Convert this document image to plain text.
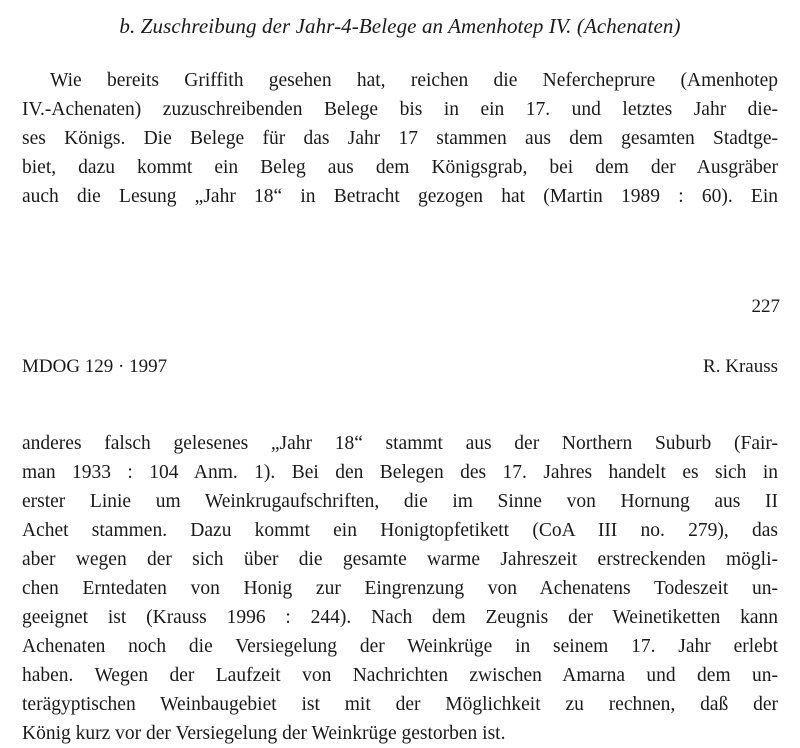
b. Zuschreibung der Jahr-4-Belege an Amenhotep IV. (Achenaten)

Wie bereits Griffith gesehen hat, reichen die Nefercheprure (Amenhotep
IV.-Achenaten) zuzuschreibenden Belege bis in ein 17. und letztes Jahr die-
ses Königs. Die Belege für das Jahr 17 stammen aus dem gesamten Stadtge-
biet, dazu kommt ein Beleg aus dem Königsgrab, bei dem der Ausgräber
auch die Lesung „Jahr 18“ in Betracht gezogen hat (Martin 1989 : 60). Ein

227
MDOG 129 · 1997	R. Krauss

anderes falsch gelesenes „Jahr 18“ stammt aus der Northern Suburb (Fair-
man 1933 : 104 Anm. 1). Bei den Belegen des 17. Jahres handelt es sich in
erster Linie um Weinkrugaufschriften, die im Sinne von Hornung aus II
Achet stammen. Dazu kommt ein Honigtopfetikett (CoA III no. 279), das
aber wegen der sich über die gesamte warme Jahreszeit erstreckenden mögli-
chen Erntedaten von Honig zur Eingrenzung von Achenatens Todeszeit un-
geeignet ist (Krauss 1996 : 244). Nach dem Zeugnis der Weinetiketten kann
Achenaten noch die Versiegelung der Weinkrüge in seinem 17. Jahr erlebt
haben. Wegen der Laufzeit von Nachrichten zwischen Amarna und dem un-
terägyptischen Weinbaugebiet ist mit der Möglichkeit zu rechnen, daß der
König kurz vor der Versiegelung der Weinkrüge gestorben ist.
